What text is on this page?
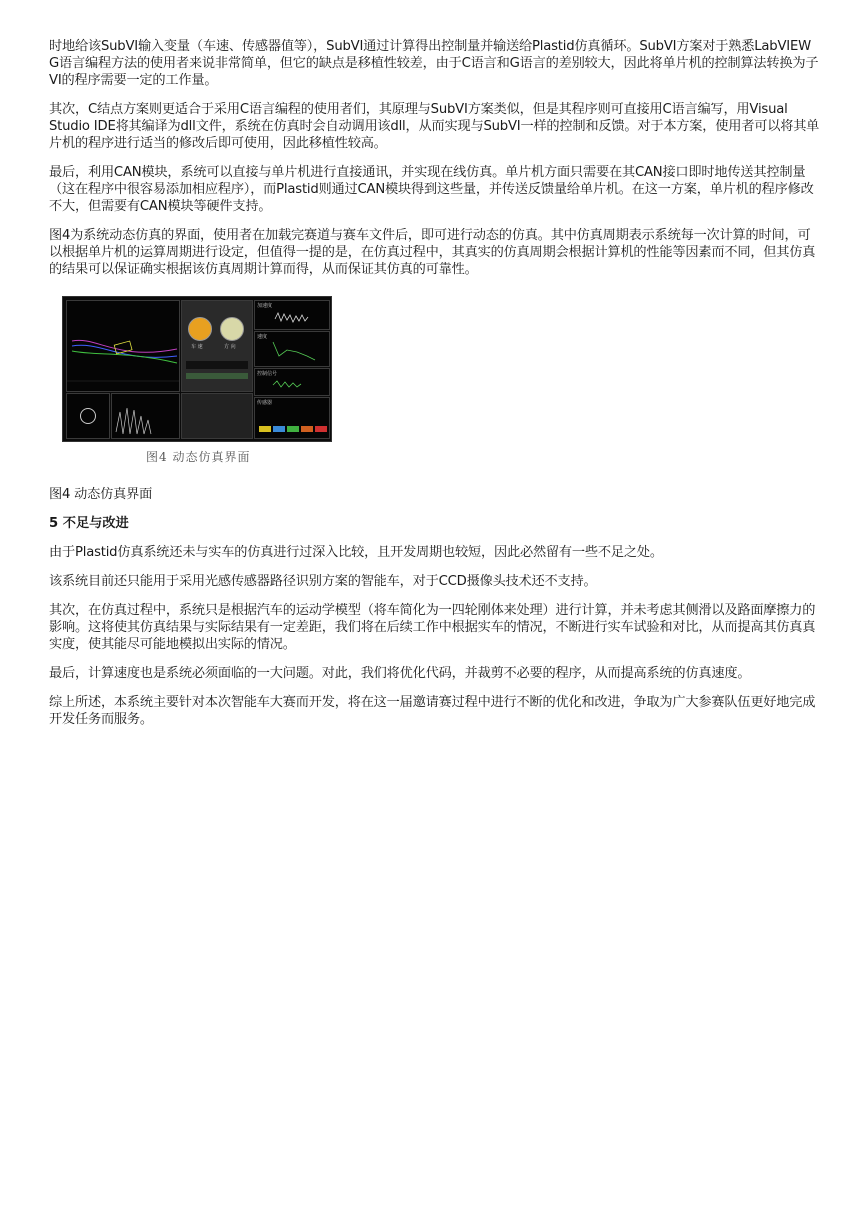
时地给该SubVI输入变量（车速、传感器值等），SubVI通过计算得出控制量并输送给Plastid仿真循环。SubVI方案对于熟悉LabVIEW G语言编程方法的使用者来说非常简单，但它的缺点是移植性较差，由于C语言和G语言的差别较大，因此将单片机的控制算法转换为子VI的程序需要一定的工作量。

其次，C结点方案则更适合于采用C语言编程的使用者们，其原理与SubVI方案类似，但是其程序则可直接用C语言编写，用Visual Studio IDE将其编译为dll文件，系统在仿真时会自动调用该dll，从而实现与SubVI一样的控制和反馈。对于本方案，使用者可以将其单片机的程序进行适当的修改后即可使用，因此移植性较高。

最后，利用CAN模块，系统可以直接与单片机进行直接通讯，并实现在线仿真。单片机方面只需要在其CAN接口即时地传送其控制量（这在程序中很容易添加相应程序），而Plastid则通过CAN模块得到这些量，并传送反馈量给单片机。在这一方案，单片机的程序修改不大，但需要有CAN模块等硬件支持。

图4为系统动态仿真的界面，使用者在加载完赛道与赛车文件后，即可进行动态的仿真。其中仿真周期表示系统每一次计算的时间，可以根据单片机的运算周期进行设定，但值得一提的是，在仿真过程中，其真实的仿真周期会根据计算机的性能等因素而不同，但其仿真的结果可以保证确实根据该仿真周期计算而得，从而保证其仿真的可靠性。

车 速	方 向
加速度
速度
控制信号
传感器
图4 动态仿真界面

图4 动态仿真界面

5 不足与改进

由于Plastid仿真系统还未与实车的仿真进行过深入比较，且开发周期也较短，因此必然留有一些不足之处。

该系统目前还只能用于采用光感传感器路径识别方案的智能车，对于CCD摄像头技术还不支持。

其次，在仿真过程中，系统只是根据汽车的运动学模型（将车简化为一四轮刚体来处理）进行计算，并未考虑其侧滑以及路面摩擦力的影响。这将使其仿真结果与实际结果有一定差距，我们将在后续工作中根据实车的情况，不断进行实车试验和对比，从而提高其仿真真实度，使其能尽可能地模拟出实际的情况。

最后，计算速度也是系统必须面临的一大问题。对此，我们将优化代码，并裁剪不必要的程序，从而提高系统的仿真速度。

综上所述，本系统主要针对本次智能车大赛而开发，将在这一届邀请赛过程中进行不断的优化和改进，争取为广大参赛队伍更好地完成开发任务而服务。
